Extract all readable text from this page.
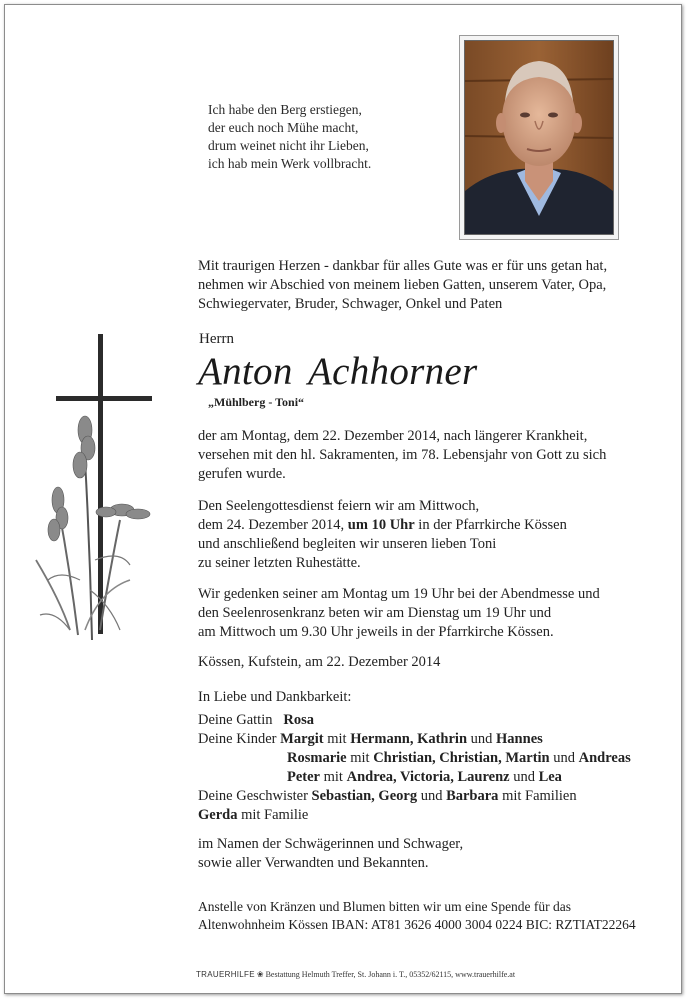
Ich habe den Berg erstiegen,
der euch noch Mühe macht,
drum weinet nicht ihr Lieben,
ich hab mein Werk vollbracht.
Mit traurigen Herzen - dankbar für alles Gute was er für uns getan hat,
nehmen wir Abschied von meinem lieben Gatten, unserem Vater, Opa,
Schwiegervater, Bruder, Schwager, Onkel und Paten
Herrn
Anton Achhorner
„Mühlberg - Toni“
der am Montag, dem 22. Dezember 2014, nach längerer Krankheit,
versehen mit den hl. Sakramenten, im 78. Lebensjahr von Gott zu sich
gerufen wurde.
Den Seelengottesdienst feiern wir am Mittwoch,
dem 24. Dezember 2014, um 10 Uhr in der Pfarrkirche Kössen
und anschließend begleiten wir unseren lieben Toni
zu seiner letzten Ruhestätte.
Wir gedenken seiner am Montag um 19 Uhr bei der Abendmesse und
den Seelenrosenkranz beten wir am Dienstag um 19 Uhr und
am Mittwoch um 9.30 Uhr jeweils in der Pfarrkirche Kössen.
Kössen, Kufstein, am 22. Dezember 2014
In Liebe und Dankbarkeit:
Deine Gattin Rosa
Deine Kinder Margit mit Hermann, Kathrin und Hannes
Rosmarie mit Christian, Christian, Martin und Andreas
Peter mit Andrea, Victoria, Laurenz und Lea
Deine Geschwister Sebastian, Georg und Barbara mit Familien
Gerda mit Familie
im Namen der Schwägerinnen und Schwager,
sowie aller Verwandten und Bekannten.
Anstelle von Kränzen und Blumen bitten wir um eine Spende für das
Altenwohnheim Kössen IBAN: AT81 3626 4000 3004 0224 BIC: RZTIAT22264
TRAUERHILFE ❀ Bestattung Helmuth Treffer, St. Johann i. T., 05352/62115, www.trauerhilfe.at
